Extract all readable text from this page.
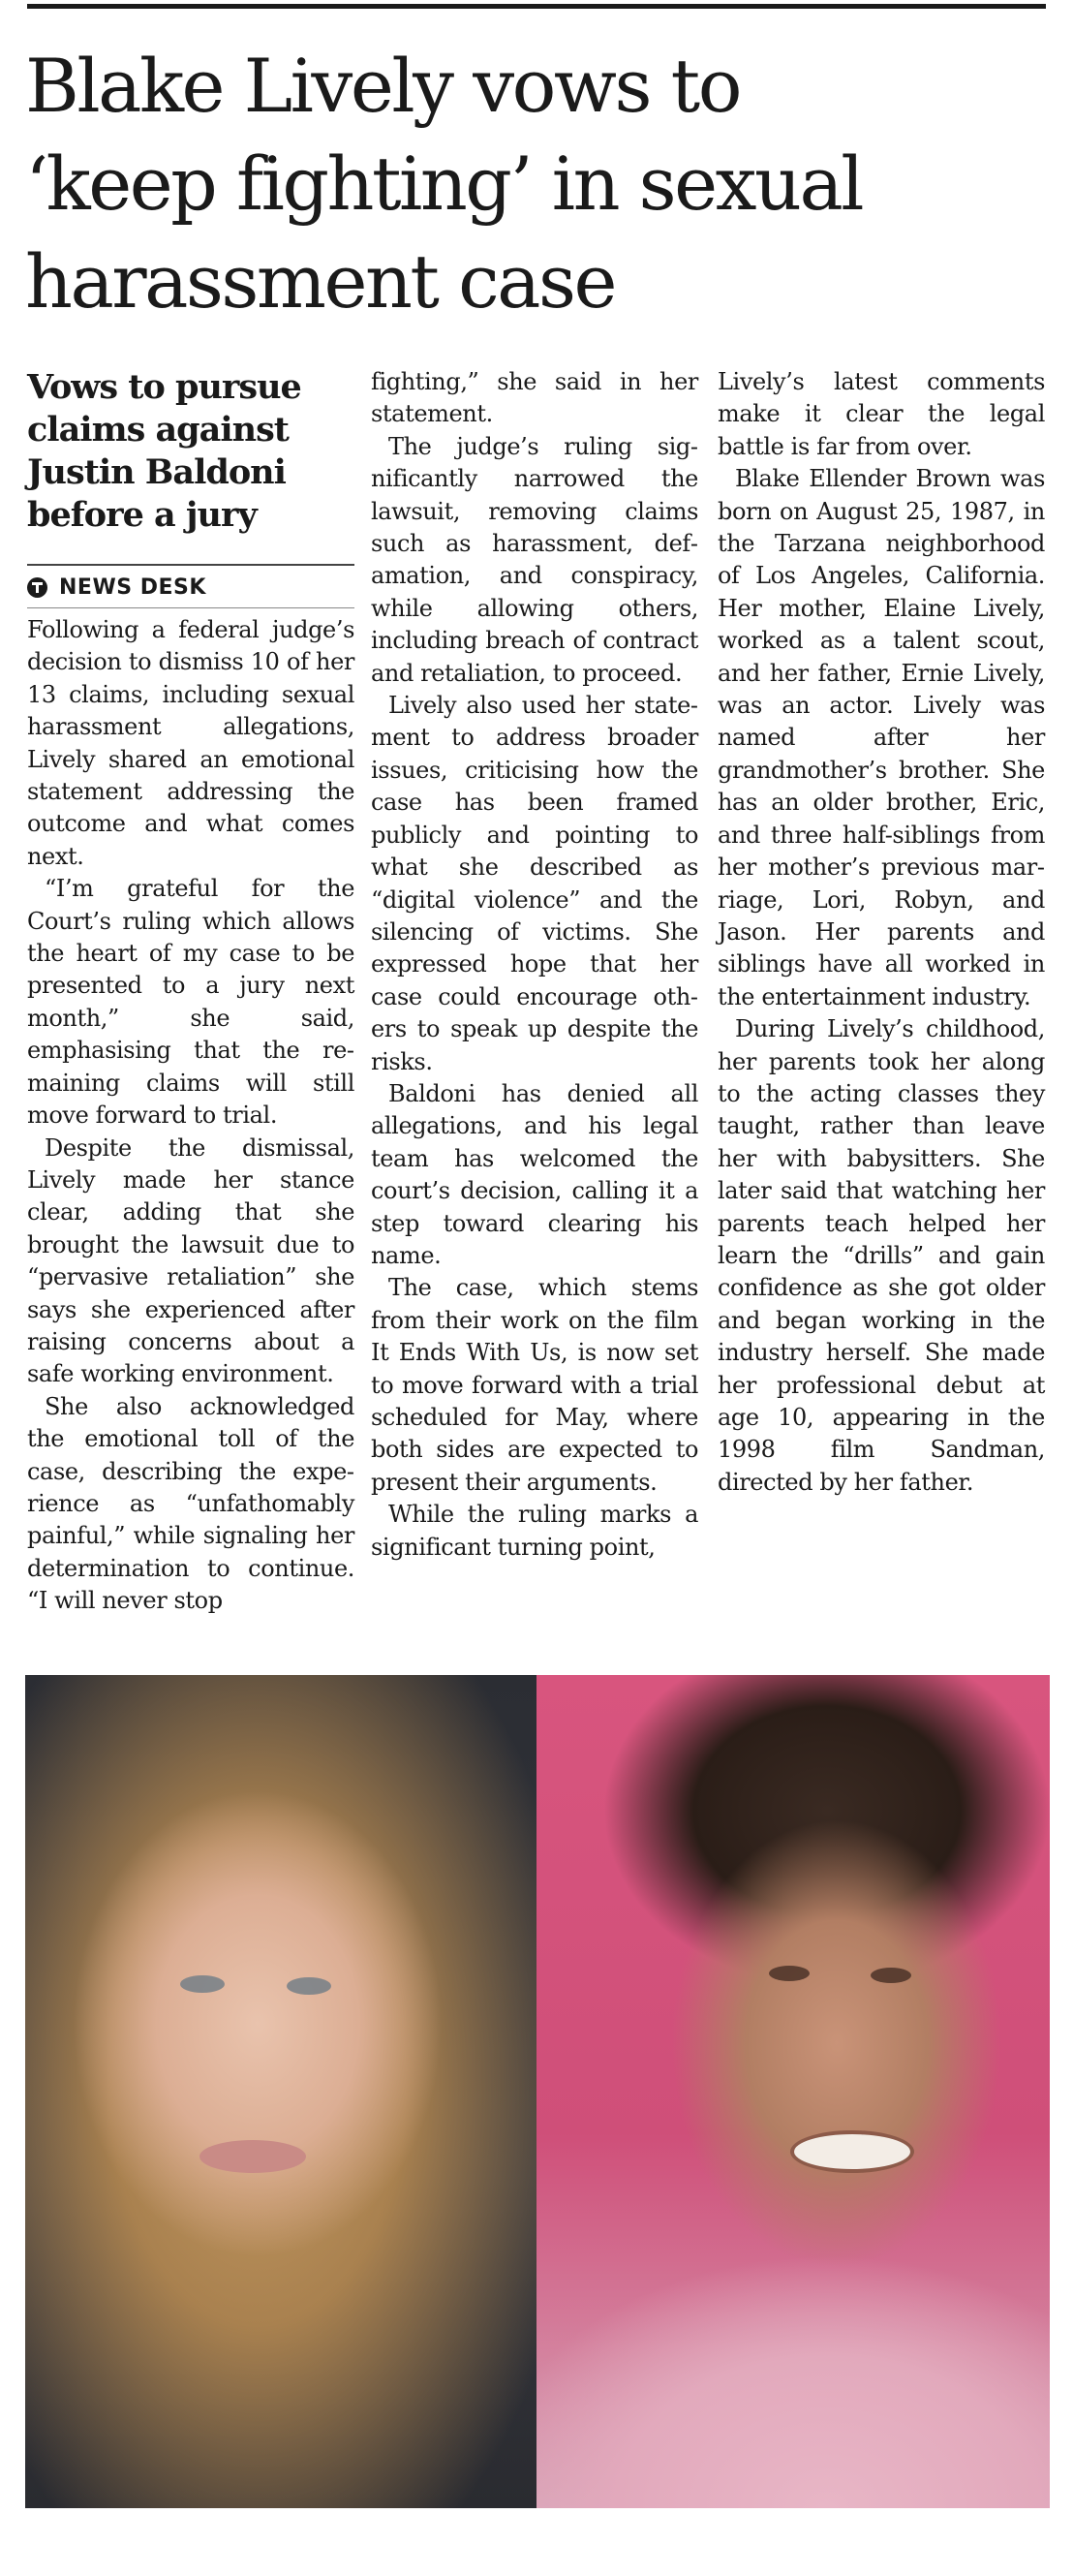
Blake Lively vows to
‘keep fighting’ in sexual
harassment case
Vows to pursue
claims against
Justin Baldoni
before a jury
NEWS DESK

Following a federal judge’s decision to dismiss 10 of her 13 claims, including sexual harassment allegations, Lively shared an emotional statement addressing the outcome and what comes next.

“I’m grateful for the Court’s ruling which allows the heart of my case to be presented to a jury next month,” she said, emphasising that the remaining claims will still move forward to trial.

Despite the dismissal, Lively made her stance clear, adding that she brought the lawsuit due to “pervasive retaliation” she says she experienced after raising concerns about a safe working environment.

She also acknowledged the emotional toll of the case, describing the experience as “unfathomably painful,” while signaling her determination to continue. “I will never stop

fighting,” she said in her statement.

The judge’s ruling significantly narrowed the lawsuit, removing claims such as harassment, defamation, and conspiracy, while allowing others, including breach of contract and retaliation, to proceed.

Lively also used her statement to address broader issues, criticising how the case has been framed publicly and pointing to what she described as “digital violence” and the silencing of victims. She expressed hope that her case could encourage others to speak up despite the risks.

Baldoni has denied all allegations, and his legal team has welcomed the court’s decision, calling it a step toward clearing his name.

The case, which stems from their work on the film It Ends With Us, is now set to move forward with a trial scheduled for May, where both sides are expected to present their arguments.

While the ruling marks a significant turning point,

Lively’s latest comments make it clear the legal battle is far from over.

Blake Ellender Brown was born on August 25, 1987, in the Tarzana neighborhood of Los Angeles, California. Her mother, Elaine Lively, worked as a talent scout, and her father, Ernie Lively, was an actor. Lively was named after her grandmother’s brother. She has an older brother, Eric, and three half-siblings from her mother’s previous marriage, Lori, Robyn, and Jason. Her parents and siblings have all worked in the entertainment industry.

During Lively’s childhood, her parents took her along to the acting classes they taught, rather than leave her with babysitters. She later said that watching her parents teach helped her learn the “drills” and gain confidence as she got older and began working in the industry herself. She made her professional debut at age 10, appearing in the 1998 film Sandman, directed by her father.
